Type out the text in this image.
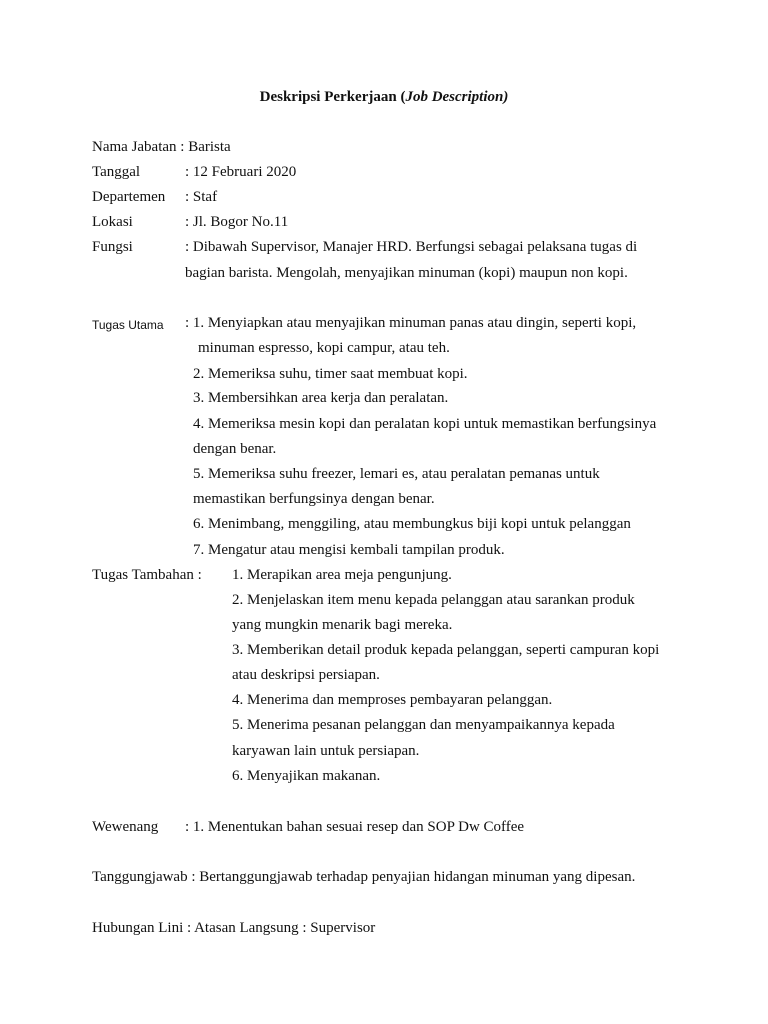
Deskripsi Perkerjaan (Job Description)
Nama Jabatan : Barista
Tanggal	: 12 Februari 2020
Departemen : Staf
Lokasi	: Jl. Bogor No.11
Fungsi	: Dibawah Supervisor, Manajer HRD. Berfungsi sebagai pelaksana tugas di
bagian barista. Mengolah, menyajikan minuman (kopi) maupun non kopi.
Tugas Utama : 1. Menyiapkan atau menyajikan minuman panas atau dingin, seperti kopi,
minuman espresso, kopi campur, atau teh.
2. Memeriksa suhu, timer saat membuat kopi.
3. Membersihkan area kerja dan peralatan.
4. Memeriksa mesin kopi dan peralatan kopi untuk memastikan berfungsinya
dengan benar.
5. Memeriksa suhu freezer, lemari es, atau peralatan pemanas untuk
memastikan berfungsinya dengan benar.
6. Menimbang, menggiling, atau membungkus biji kopi untuk pelanggan
7. Mengatur atau mengisi kembali tampilan produk.
Tugas Tambahan : 1. Merapikan area meja pengunjung.
2. Menjelaskan item menu kepada pelanggan atau sarankan produk
yang mungkin menarik bagi mereka.
3. Memberikan detail produk kepada pelanggan, seperti campuran kopi
atau deskripsi persiapan.
4. Menerima dan memproses pembayaran pelanggan.
5. Menerima pesanan pelanggan dan menyampaikannya kepada
karyawan lain untuk persiapan.
6. Menyajikan makanan.
Wewenang : 1. Menentukan bahan sesuai resep dan SOP Dw Coffee
Tanggungjawab : Bertanggungjawab terhadap penyajian hidangan minuman yang dipesan.
Hubungan Lini : Atasan Langsung : Supervisor
